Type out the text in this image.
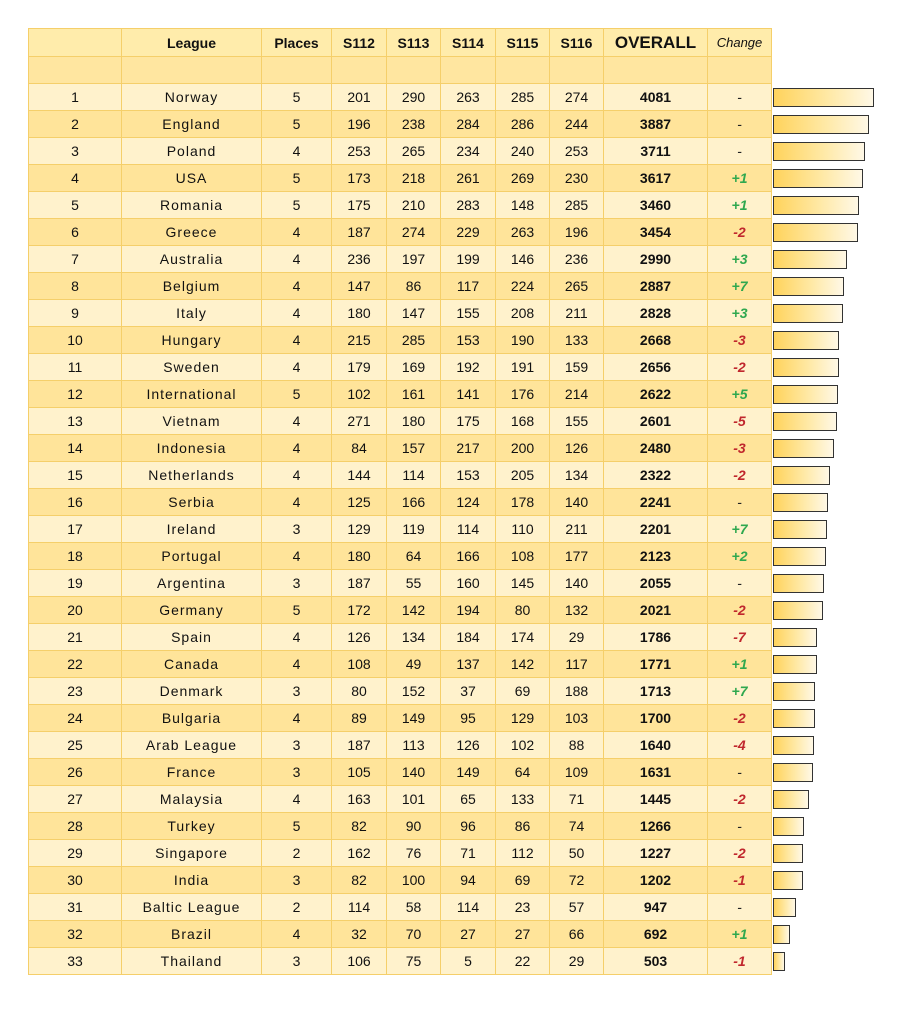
	League	Places	S112	S113	S114	S115	S116	OVERALL	Change

1	Norway	5	201	290	263	285	274	4081	-
2	England	5	196	238	284	286	244	3887	-
3	Poland	4	253	265	234	240	253	3711	-
4	USA	5	173	218	261	269	230	3617	+1
5	Romania	5	175	210	283	148	285	3460	+1
6	Greece	4	187	274	229	263	196	3454	-2
7	Australia	4	236	197	199	146	236	2990	+3
8	Belgium	4	147	86	117	224	265	2887	+7
9	Italy	4	180	147	155	208	211	2828	+3
10	Hungary	4	215	285	153	190	133	2668	-3
11	Sweden	4	179	169	192	191	159	2656	-2
12	International	5	102	161	141	176	214	2622	+5
13	Vietnam	4	271	180	175	168	155	2601	-5
14	Indonesia	4	84	157	217	200	126	2480	-3
15	Netherlands	4	144	114	153	205	134	2322	-2
16	Serbia	4	125	166	124	178	140	2241	-
17	Ireland	3	129	119	114	110	211	2201	+7
18	Portugal	4	180	64	166	108	177	2123	+2
19	Argentina	3	187	55	160	145	140	2055	-
20	Germany	5	172	142	194	80	132	2021	-2
21	Spain	4	126	134	184	174	29	1786	-7
22	Canada	4	108	49	137	142	117	1771	+1
23	Denmark	3	80	152	37	69	188	1713	+7
24	Bulgaria	4	89	149	95	129	103	1700	-2
25	Arab League	3	187	113	126	102	88	1640	-4
26	France	3	105	140	149	64	109	1631	-
27	Malaysia	4	163	101	65	133	71	1445	-2
28	Turkey	5	82	90	96	86	74	1266	-
29	Singapore	2	162	76	71	112	50	1227	-2
30	India	3	82	100	94	69	72	1202	-1
31	Baltic League	2	114	58	114	23	57	947	-
32	Brazil	4	32	70	27	27	66	692	+1
33	Thailand	3	106	75	5	22	29	503	-1
